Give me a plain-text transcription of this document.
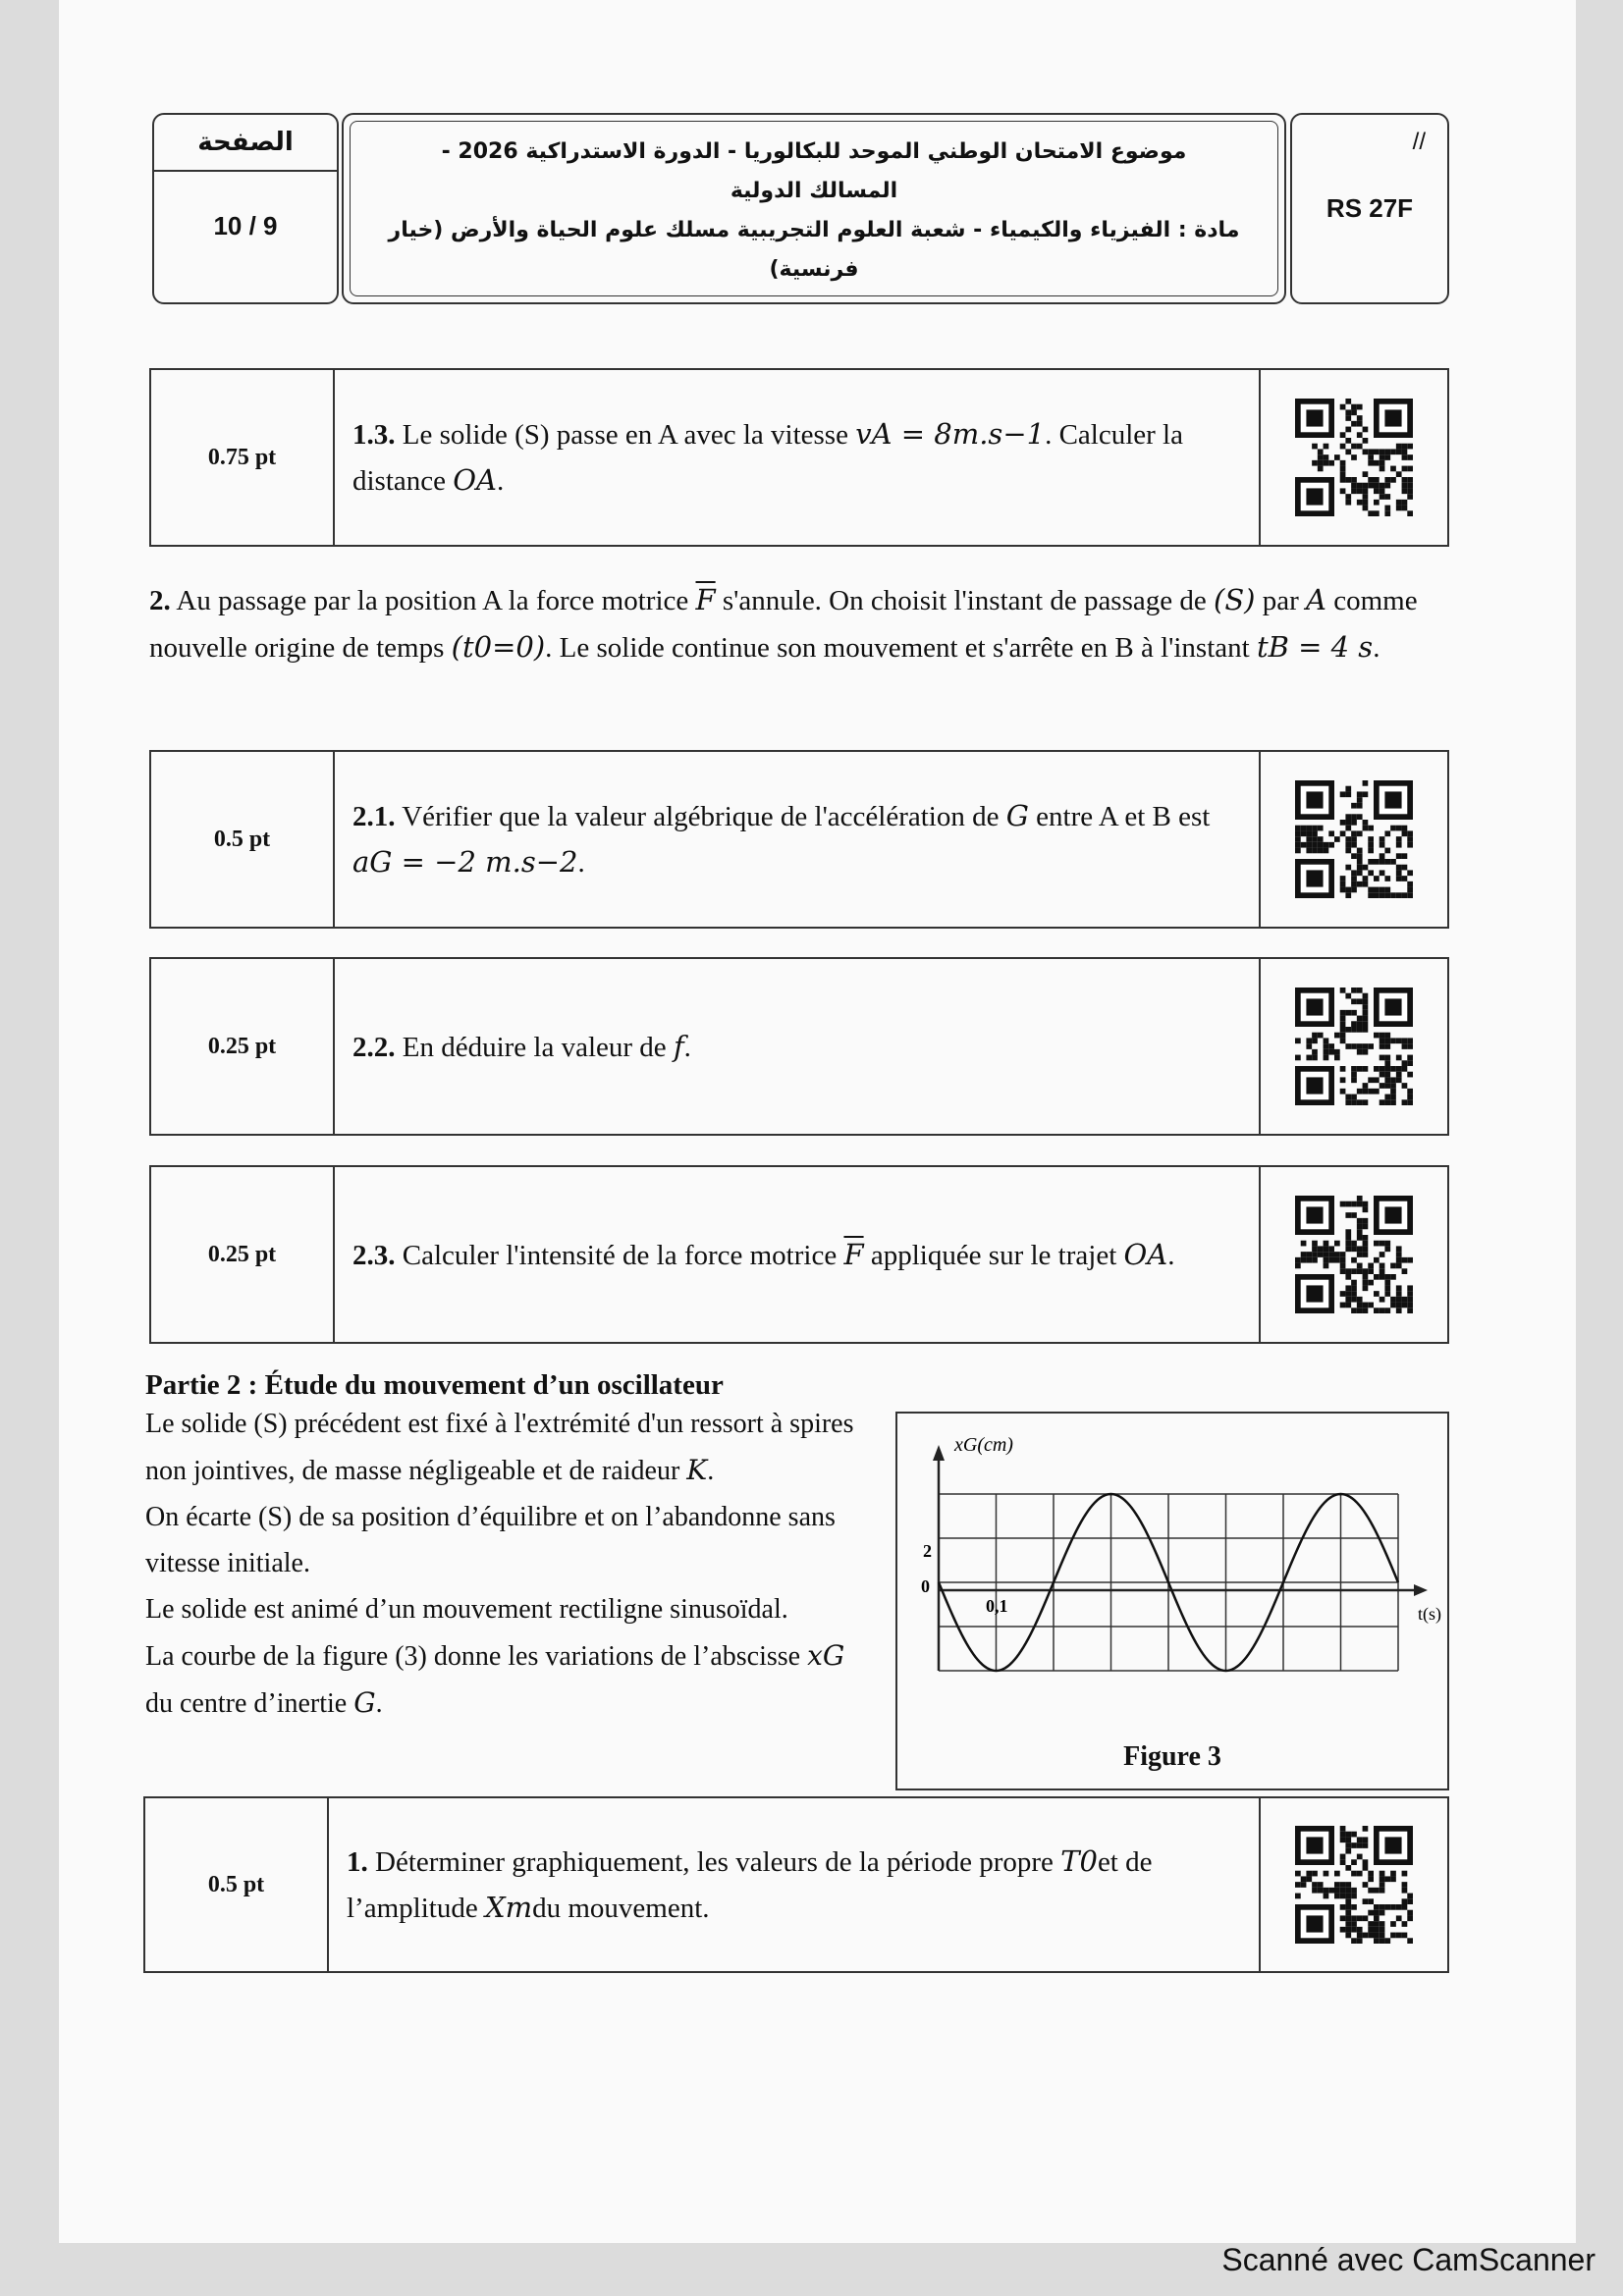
الصفحة
10 / 9
موضوع الامتحان الوطني الموحد للبكالوريا - الدورة الاستدراكية 2026 -
المسالك الدولية
مادة : الفيزياء والكيمياء - شعبة العلوم التجريبية مسلك علوم الحياة والأرض (خيار
فرنسية)
//
RS 27F
0.75 pt
1.3. Le solide (S) passe en A avec la vitesse vA = 8m.s−1. Calculer la distance OA.
2. Au passage par la position A la force motrice $\overline{F}$ s'annule. On choisit l'instant de passage de (S) par A comme nouvelle origine de temps (t0=0). Le solide continue son mouvement et s'arrête en B à l'instant tB = 4 s.
0.5 pt
2.1. Vérifier que la valeur algébrique de l'accélération de G entre A et B est aG = −2 m.s−2.
0.25 pt	2.2. En déduire la valeur de f.
0.25 pt	2.3. Calculer l'intensité de la force motrice $\overline{F}$ appliquée sur le trajet OA.
Partie 2 : Étude du mouvement d’un oscillateur
Le solide (S) précédent est fixé à l'extrémité d'un ressort à spires non jointives, de masse négligeable et de raideur K.
On écarte (S) de sa position d’équilibre et on l’abandonne sans vitesse initiale.
Le solide est animé d’un mouvement rectiligne sinusoïdal.
La courbe de la figure (3) donne les variations de l’abscisse xG du centre d’inertie G.
xG(cm)
t(s)
2
0
0,1
Figure 3
0.5 pt
1. Déterminer graphiquement, les valeurs de la période propre T0et de l’amplitude Xmdu mouvement.
Scanné avec CamScanner
